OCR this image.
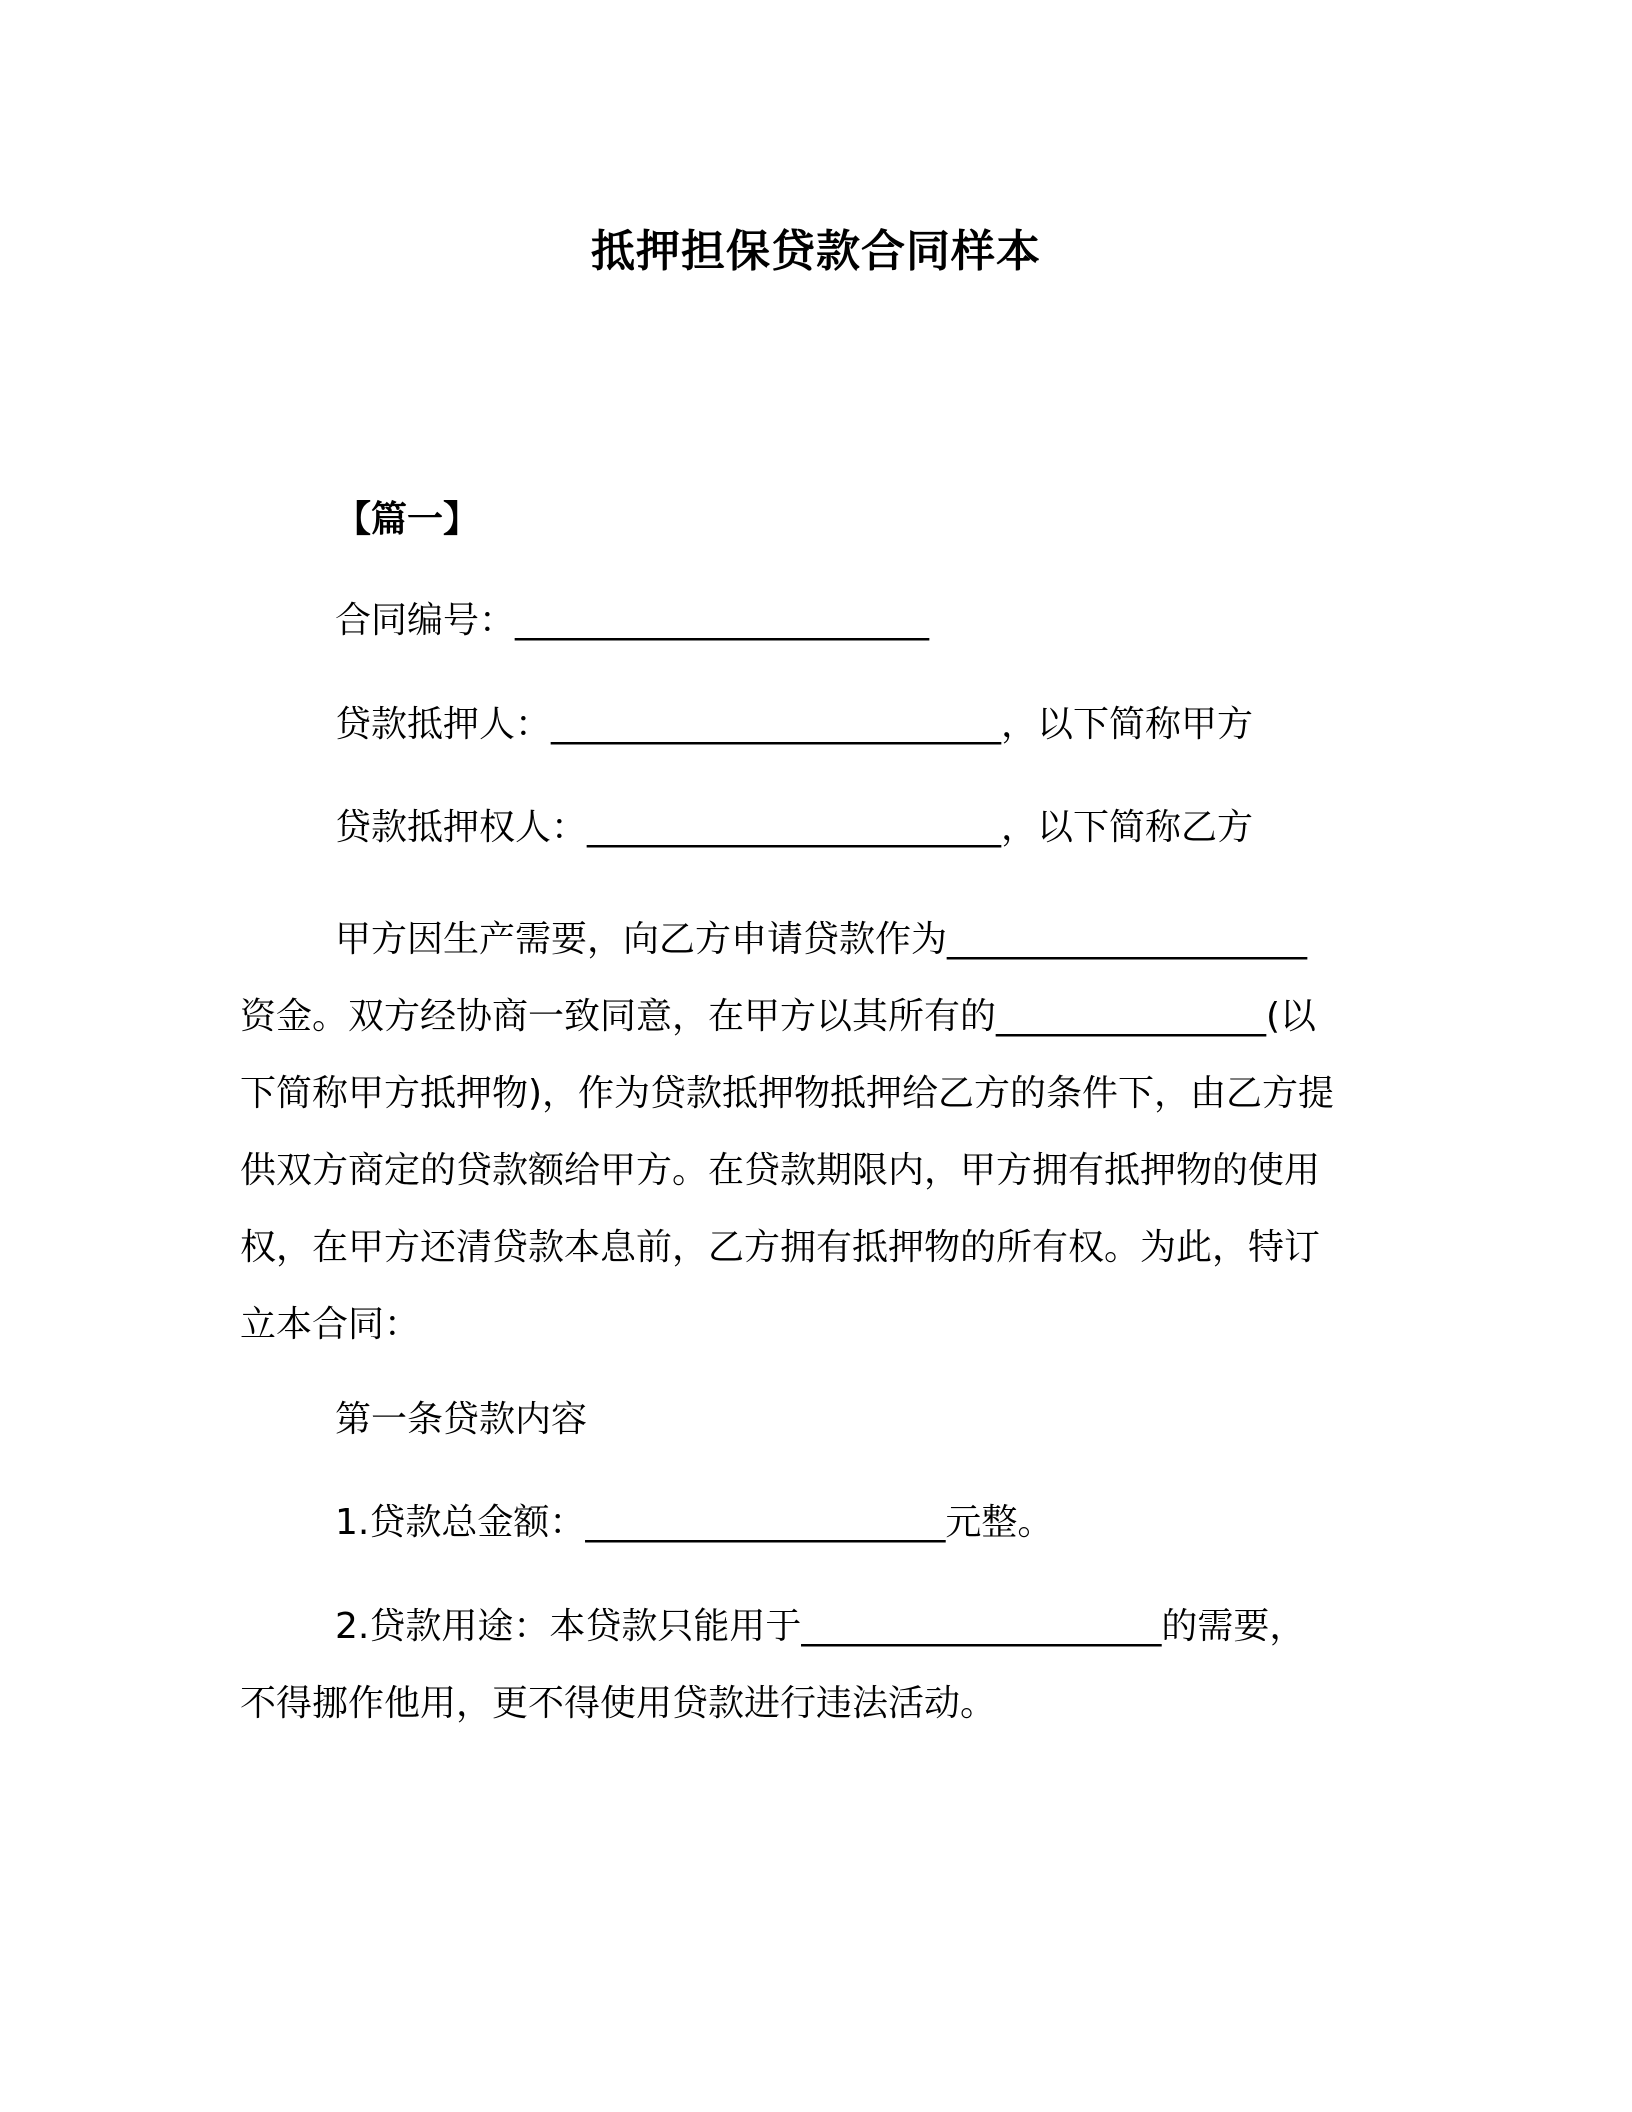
抵押担保贷款合同样本
【篇一】
合同编号：_______________________
贷款抵押人：_________________________，以下简称甲方
贷款抵押权人：_______________________，以下简称乙方
甲方因生产需要，向乙方申请贷款作为____________________
资金。双方经协商一致同意，在甲方以其所有的_______________(以
下简称甲方抵押物)，作为贷款抵押物抵押给乙方的条件下，由乙方提
供双方商定的贷款额给甲方。在贷款期限内，甲方拥有抵押物的使用
权，在甲方还清贷款本息前，乙方拥有抵押物的所有权。为此，特订
立本合同：
第一条贷款内容
1.贷款总金额：____________________元整。
2.贷款用途：本贷款只能用于____________________的需要，
不得挪作他用，更不得使用贷款进行违法活动。
